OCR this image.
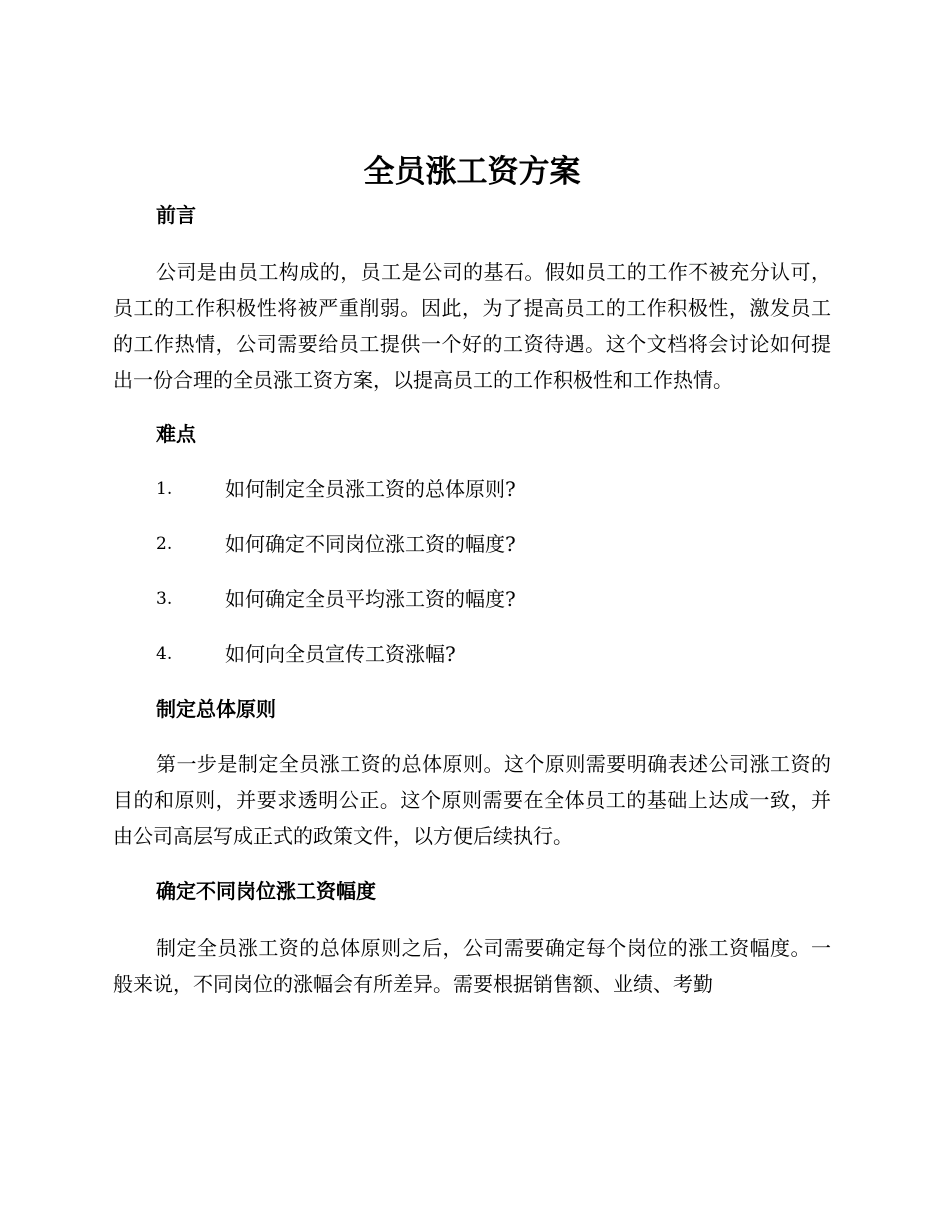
全员涨工资方案
前言

公司是由员工构成的，员工是公司的基石。假如员工的工作不被充分认可，员工的工作积极性将被严重削弱。因此，为了提高员工的工作积极性，激发员工的工作热情，公司需要给员工提供一个好的工资待遇。这个文档将会讨论如何提出一份合理的全员涨工资方案，以提高员工的工作积极性和工作热情。

难点
1.	如何制定全员涨工资的总体原则?
2.	如何确定不同岗位涨工资的幅度?
3.	如何确定全员平均涨工资的幅度?
4.	如何向全员宣传工资涨幅?
制定总体原则

第一步是制定全员涨工资的总体原则。这个原则需要明确表述公司涨工资的目的和原则，并要求透明公正。这个原则需要在全体员工的基础上达成一致，并由公司高层写成正式的政策文件，以方便后续执行。

确定不同岗位涨工资幅度

制定全员涨工资的总体原则之后，公司需要确定每个岗位的涨工资幅度。一般来说，不同岗位的涨幅会有所差异。需要根据销售额、业绩、考勤
